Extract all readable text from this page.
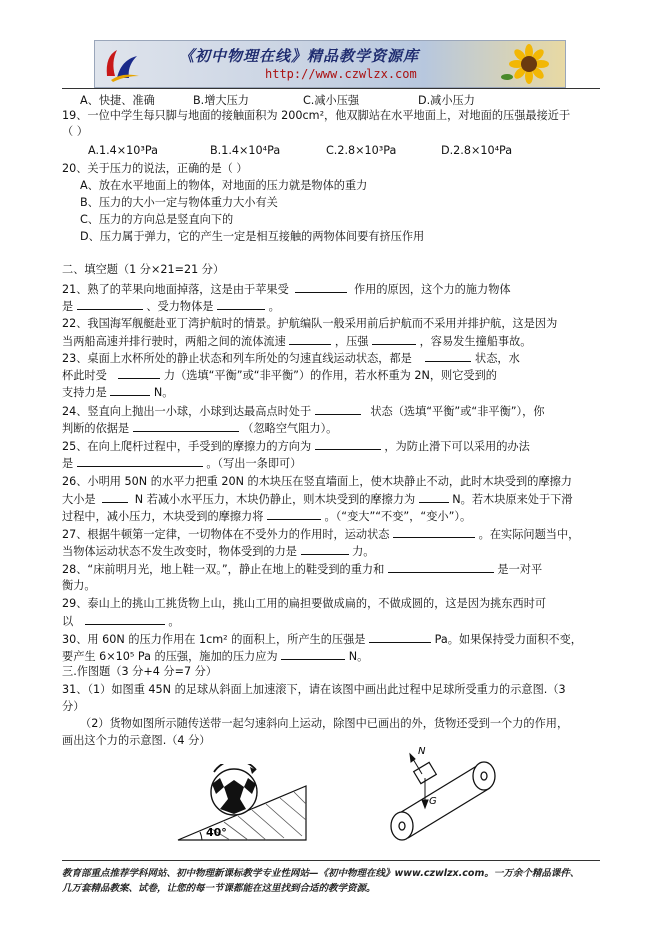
《初中物理在线》精品教学资源库
http://www.czwlzx.com
A、快捷、准确	B.增大压力	C.减小压强	D.减小压力
19、一位中学生每只脚与地面的接触面积为 200cm²，他双脚站在水平地面上，对地面的压强最接近于
（ ）
A.1.4×10³Pa	B.1.4×10⁴Pa	C.2.8×10³Pa	D.2.8×10⁴Pa
20、关于压力的说法，正确的是（ ）
A、放在水平地面上的物体，对地面的压力就是物体的重力
B、压力的大小一定与物体重力大小有关
C、压力的方向总是竖直向下的
D、压力属于弹力，它的产生一定是相互接触的两物体间要有挤压作用
二、填空题（1 分×21=21 分）
21、熟了的苹果向地面掉落，这是由于苹果受	作用的原因，这个力的施力物体
是	、受力物体是	。
22、我国海军舰艇赴亚丁湾护航时的情景。护航编队一般采用前后护航而不采用并排护航，这是因为
当两船高速并排行驶时，两船之间的流体流速	，压强	，容易发生撞船事故。
23、桌面上水杯所处的静止状态和列车所处的匀速直线运动状态，都是	状态，水
杯此时受	力（选填“平衡”或“非平衡”）的作用，若水杯重为 2N，则它受到的
支持力是	N。
24、竖直向上抛出一小球，小球到达最高点时处于	状态（选填“平衡”或“非平衡”），你
判断的依据是	（忽略空气阻力）。
25、在向上爬杆过程中，手受到的摩擦力的方向为	，为防止滑下可以采用的办法
是	。（写出一条即可）
26、小明用 50N 的水平力把重 20N 的木块压在竖直墙面上，使木块静止不动，此时木块受到的摩擦力
大小是	N 若减小水平压力，木块仍静止，则木块受到的摩擦力为	N。若木块原来处于下滑
过程中，减小压力，木块受到的摩擦力将	。（“变大”“不变”，“变小”）。
27、根据牛顿第一定律，一切物体在不受外力的作用时，运动状态	。在实际问题当中，
当物体运动状态不发生改变时，物体受到的力是	力。
28、“床前明月光，地上鞋一双。”，静止在地上的鞋受到的重力和	是一对平
衡力。
29、泰山上的挑山工挑货物上山，挑山工用的扁担要做成扁的，不做成圆的，这是因为挑东西时可
以	。
30、用 60N 的压力作用在 1cm² 的面积上，所产生的压强是	Pa。如果保持受力面积不变，
要产生 6×10⁵ Pa 的压强，施加的压力应为	N。
三.作图题（3 分+4 分=7 分）
31、（1）如图重 45N 的足球从斜面上加速滚下，请在该图中画出此过程中足球所受重力的示意图.（3
分）
（2）货物如图所示随传送带一起匀速斜向上运动，除图中已画出的外，货物还受到一个力的作用，
画出这个力的示意图.（4 分）
40°
N
G
教育部重点推荐学科网站、初中物理新课标教学专业性网站—《初中物理在线》www.czwlzx.com。一万余个精品课件、
几万套精品教案、试卷，让您的每一节课都能在这里找到合适的教学资源。
